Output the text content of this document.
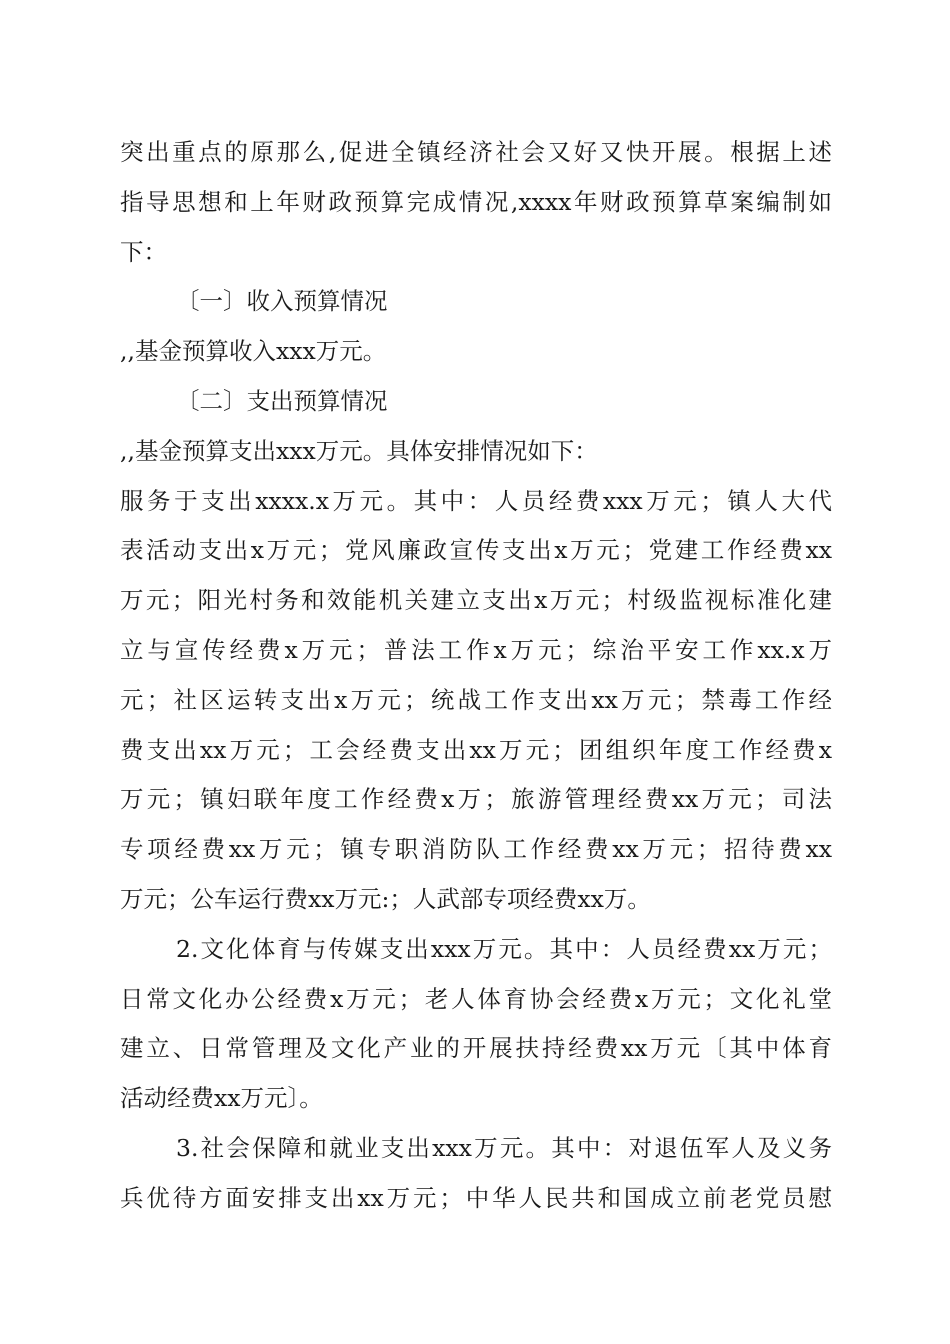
突出重点的原那么,促进全镇经济社会又好又快开展。根据上述
指导思想和上年财政预算完成情况,xxxx年财政预算草案编制如
下：
〔一〕收入预算情况
,,基金预算收入xxx万元。
〔二〕支出预算情况
,,基金预算支出xxx万元。具体安排情况如下：
服务于支出xxxx.x万元。其中：人员经费xxx万元；镇人大代
表活动支出x万元；党风廉政宣传支出x万元；党建工作经费xx
万元；阳光村务和效能机关建立支出x万元；村级监视标准化建
立与宣传经费x万元；普法工作x万元；综治平安工作xx.x万
元；社区运转支出x万元；统战工作支出xx万元；禁毒工作经
费支出xx万元；工会经费支出xx万元；团组织年度工作经费x
万元；镇妇联年度工作经费x万；旅游管理经费xx万元；司法
专项经费xx万元；镇专职消防队工作经费xx万元；招待费xx
万元；公车运行费xx万元:；人武部专项经费xx万。
2.文化体育与传媒支出xxx万元。其中：人员经费xx万元；
日常文化办公经费x万元；老人体育协会经费x万元；文化礼堂
建立、日常管理及文化产业的开展扶持经费xx万元〔其中体育
活动经费xx万元〕。
3.社会保障和就业支出xxx万元。其中：对退伍军人及义务
兵优待方面安排支出xx万元；中华人民共和国成立前老党员慰
